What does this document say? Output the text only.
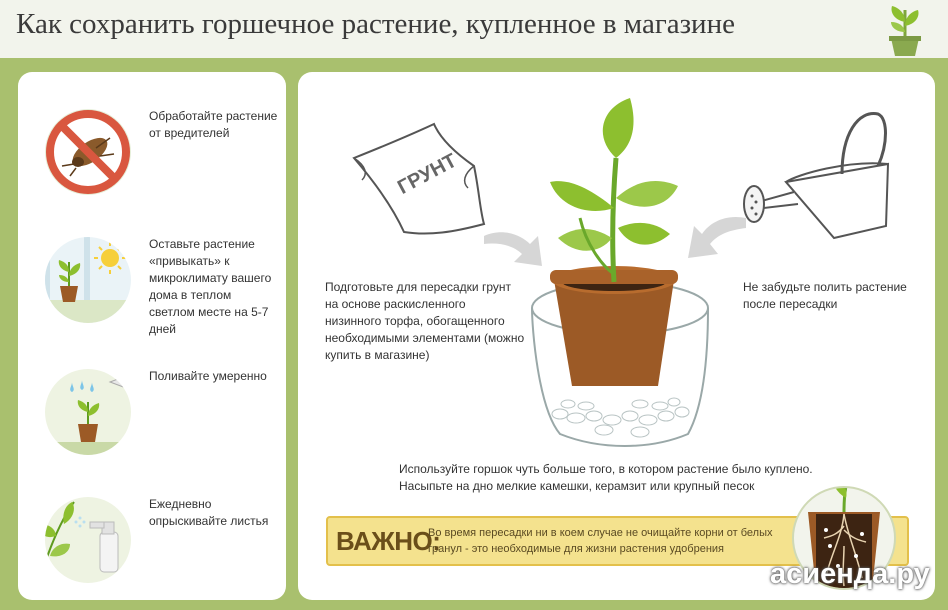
Как сохранить горшечное растение, купленное в магазине
Обработайте растение от вредителей
Оставьте растение «привыкать» к микроклимату вашего дома в теплом светлом месте на 5-7 дней
Поливайте умеренно
Ежедневно опрыскивайте листья
ГРУНТ
Подготовьте для пересадки грунт на основе раскисленного низинного торфа, обогащенного необходимыми элементами (можно купить в магазине)
Не забудьте полить растение после пересадки
Используйте горшок чуть больше того, в котором растение было куплено.
Насыпьте на дно мелкие камешки, керамзит или крупный песок
ВАЖНО:
Во время пересадки ни в коем случае не очищайте корни от белых гранул - это необходимые для жизни растения удобрения
асиенда.ру
